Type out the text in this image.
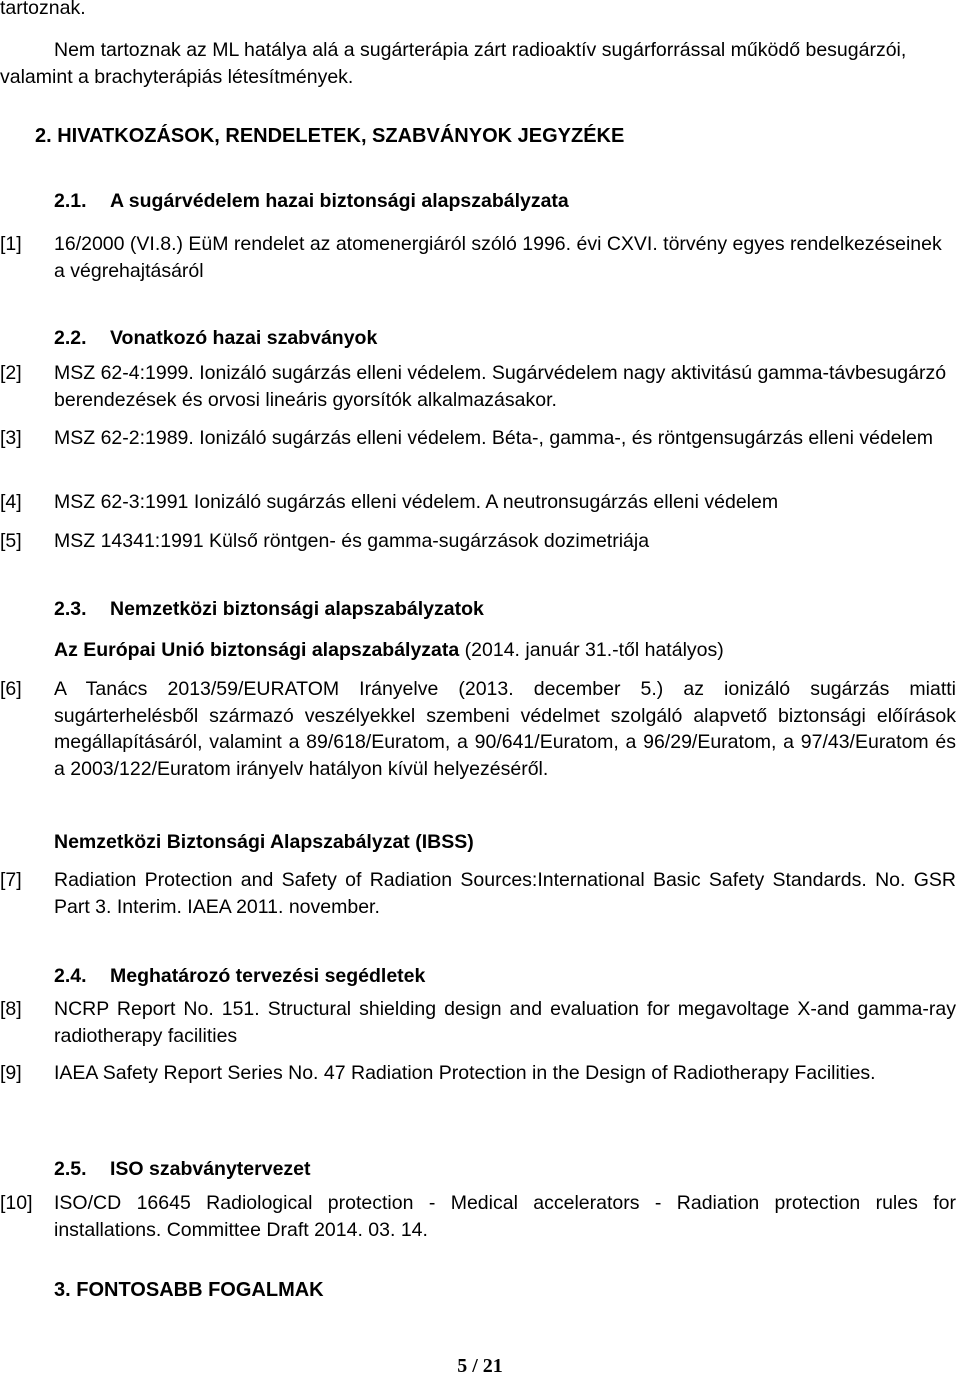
tartoznak.
Nem tartoznak az ML hatálya alá a sugárterápia zárt radioaktív sugárforrással működő besugárzói, valamint a brachyterápiás létesítmények.
2. HIVATKOZÁSOK, RENDELETEK, SZABVÁNYOK JEGYZÉKE
2.1. A sugárvédelem hazai biztonsági alapszabályzata
[1] 16/2000 (VI.8.) EüM rendelet az atomenergiáról szóló 1996. évi CXVI. törvény egyes rendelkezéseinek a végrehajtásáról
2.2. Vonatkozó hazai szabványok
[2] MSZ 62-4:1999. Ionizáló sugárzás elleni védelem. Sugárvédelem nagy aktivitású gamma-távbesugárzó berendezések és orvosi lineáris gyorsítók alkalmazásakor.
[3] MSZ 62-2:1989. Ionizáló sugárzás elleni védelem. Béta-, gamma-, és röntgensugárzás elleni védelem
[4] MSZ 62-3:1991 Ionizáló sugárzás elleni védelem. A neutronsugárzás elleni védelem
[5] MSZ 14341:1991 Külső röntgen- és gamma-sugárzások dozimetriája
2.3. Nemzetközi biztonsági alapszabályzatok
Az Európai Unió biztonsági alapszabályzata (2014. január 31.-től hatályos)
[6] A Tanács 2013/59/EURATOM Irányelve (2013. december 5.) az ionizáló sugárzás miatti sugárterhelésből származó veszélyekkel szembeni védelmet szolgáló alapvető biztonsági előírások megállapításáról, valamint a 89/618/Euratom, a 90/641/Euratom, a 96/29/Euratom, a 97/43/Euratom és a 2003/122/Euratom irányelv hatályon kívül helyezéséről.
Nemzetközi Biztonsági Alapszabályzat (IBSS)
[7] Radiation Protection and Safety of Radiation Sources:International Basic Safety Standards. No. GSR Part 3. Interim. IAEA 2011. november.
2.4. Meghatározó tervezési segédletek
[8] NCRP Report No. 151. Structural shielding design and evaluation for megavoltage X-and gamma-ray radiotherapy facilities
[9] IAEA Safety Report Series No. 47 Radiation Protection in the Design of Radiotherapy Facilities.
2.5. ISO szabványtervezet
[10] ISO/CD 16645 Radiological protection - Medical accelerators - Radiation protection rules for installations. Committee Draft 2014. 03. 14.
3. FONTOSABB FOGALMAK
5 / 21
